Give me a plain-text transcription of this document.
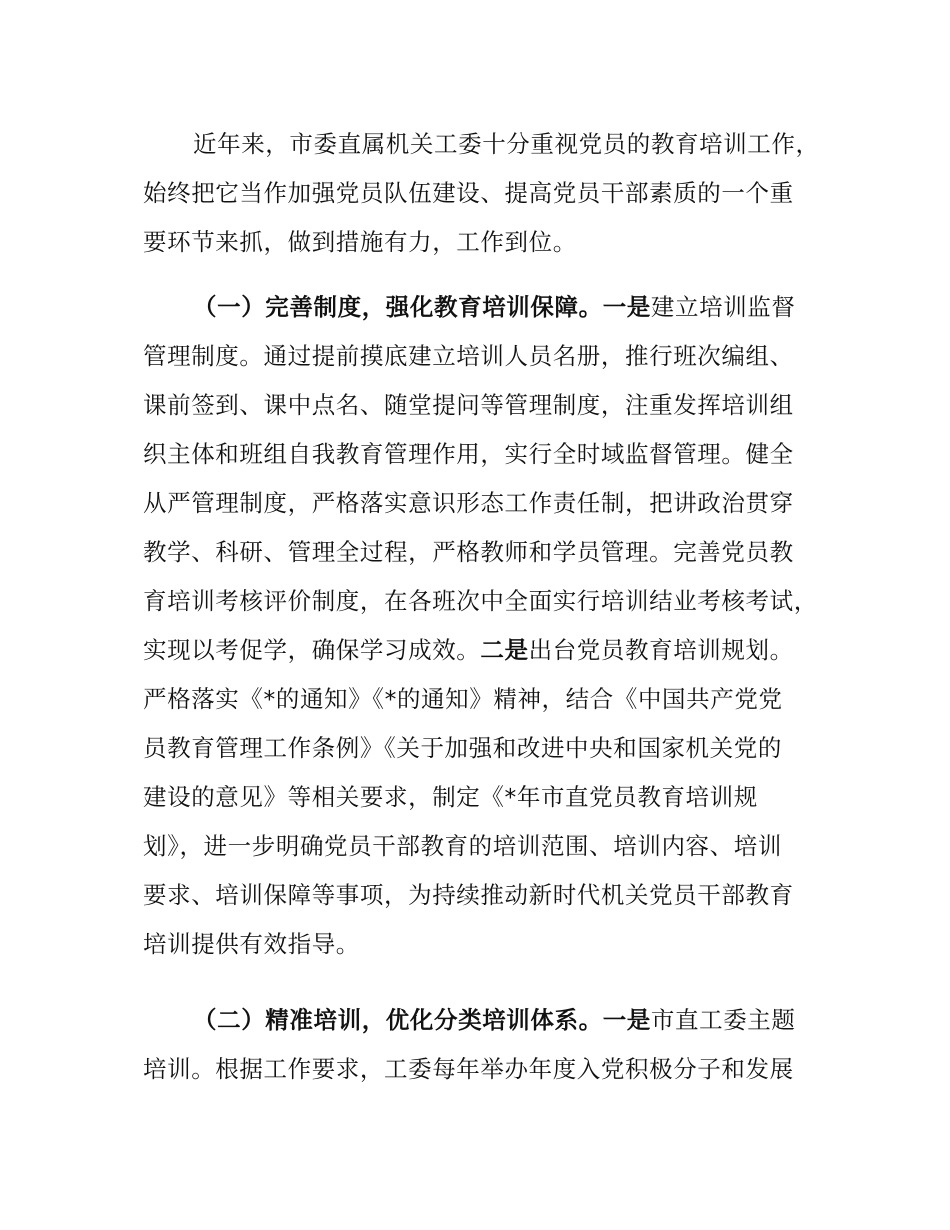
近年来，市委直属机关工委十分重视党员的教育培训工作，
始终把它当作加强党员队伍建设、提高党员干部素质的一个重
要环节来抓，做到措施有力，工作到位。
（一）完善制度，强化教育培训保障。一是建立培训监督
管理制度。通过提前摸底建立培训人员名册，推行班次编组、
课前签到、课中点名、随堂提问等管理制度，注重发挥培训组
织主体和班组自我教育管理作用，实行全时域监督管理。健全
从严管理制度，严格落实意识形态工作责任制，把讲政治贯穿
教学、科研、管理全过程，严格教师和学员管理。完善党员教
育培训考核评价制度，在各班次中全面实行培训结业考核考试，
实现以考促学，确保学习成效。二是出台党员教育培训规划。
严格落实《*的通知》《*的通知》精神，结合《中国共产党党
员教育管理工作条例》《关于加强和改进中央和国家机关党的
建设的意见》等相关要求，制定《*年市直党员教育培训规
划》，进一步明确党员干部教育的培训范围、培训内容、培训
要求、培训保障等事项，为持续推动新时代机关党员干部教育
培训提供有效指导。
（二）精准培训，优化分类培训体系。一是市直工委主题
培训。根据工作要求，工委每年举办年度入党积极分子和发展
